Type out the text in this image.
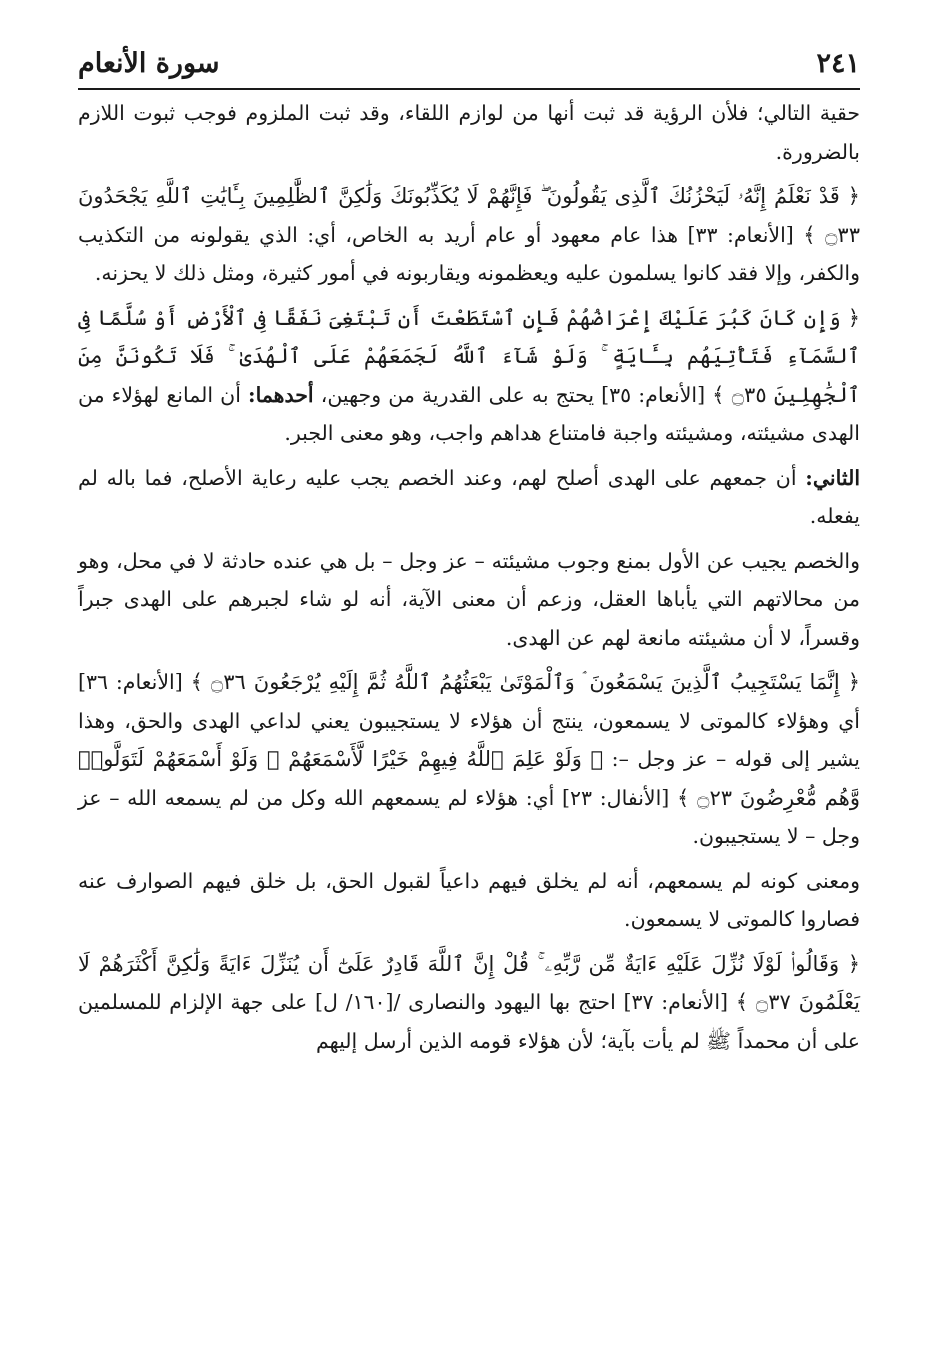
سورة الأنعام	٢٤١

حقية التالي؛ فلأن الرؤية قد ثبت أنها من لوازم اللقاء، وقد ثبت الملزوم فوجب ثبوت اللازم بالضرورة.

﴿ قَدْ نَعْلَمُ إِنَّهُۥ لَيَحْزُنُكَ ٱلَّذِى يَقُولُونَ ۖ فَإِنَّهُمْ لَا يُكَذِّبُونَكَ وَلَٰكِنَّ ٱلظَّٰلِمِينَ بِـَٔايَٰتِ ٱللَّهِ يَجْحَدُونَ ۝٣٣ ﴾ [الأنعام: ٣٣] هذا عام معهود أو عام أريد به الخاص، أي: الذي يقولونه من التكذيب والكفر، وإلا فقد كانوا يسلمون عليه ويعظمونه ويقاربونه في أمور كثيرة، ومثل ذلك لا يحزنه.

﴿ وَإِن كَانَ كَبُرَ عَلَيْكَ إِعْرَاضُهُمْ فَإِنِ ٱسْتَطَعْتَ أَن تَبْتَغِىَ نَفَقًا فِى ٱلْأَرْضِ أَوْ سُلَّمًا فِى ٱلسَّمَآءِ فَتَأْتِيَهُم بِـَٔايَةٍ ۚ وَلَوْ شَآءَ ٱللَّهُ لَجَمَعَهُمْ عَلَى ٱلْهُدَىٰ ۚ فَلَا تَكُونَنَّ مِنَ ٱلْجَٰهِلِينَ ۝٣٥ ﴾ [الأنعام: ٣٥] يحتج به على القدرية من وجهين، أحدهما: أن المانع لهؤلاء من الهدى مشيئته، ومشيئته واجبة فامتناع هداهم واجب، وهو معنى الجبر.

الثاني: أن جمعهم على الهدى أصلح لهم، وعند الخصم يجب عليه رعاية الأصلح، فما باله لم يفعله.

والخصم يجيب عن الأول بمنع وجوب مشيئته – عز وجل – بل هي عنده حادثة لا في محل، وهو من محالاتهم التي يأباها العقل، وزعم أن معنى الآية، أنه لو شاء لجبرهم على الهدى جبراً وقسراً، لا أن مشيئته مانعة لهم عن الهدى.

﴿ إِنَّمَا يَسْتَجِيبُ ٱلَّذِينَ يَسْمَعُونَ ۘ وَٱلْمَوْتَىٰ يَبْعَثُهُمُ ٱللَّهُ ثُمَّ إِلَيْهِ يُرْجَعُونَ ۝٣٦ ﴾ [الأنعام: ٣٦] أي وهؤلاء كالموتى لا يسمعون، ينتج أن هؤلاء لا يستجيبون يعني لداعي الهدى والحق، وهذا يشير إلى قوله – عز وجل –: ﴿ وَلَوْ عَلِمَ ٱللَّهُ فِيهِمْ خَيْرًا لَّأَسْمَعَهُمْ ۖ وَلَوْ أَسْمَعَهُمْ لَتَوَلَّوا۟ وَّهُم مُّعْرِضُونَ ۝٢٣ ﴾ [الأنفال: ٢٣] أي: هؤلاء لم يسمعهم الله وكل من لم يسمعه الله – عز وجل – لا يستجيبون.

ومعنى كونه لم يسمعهم، أنه لم يخلق فيهم داعياً لقبول الحق، بل خلق فيهم الصوارف عنه فصاروا كالموتى لا يسمعون.

﴿ وَقَالُوا۟ لَوْلَا نُزِّلَ عَلَيْهِ ءَايَةٌ مِّن رَّبِّهِۦ ۚ قُلْ إِنَّ ٱللَّهَ قَادِرٌ عَلَىٰٓ أَن يُنَزِّلَ ءَايَةً وَلَٰكِنَّ أَكْثَرَهُمْ لَا يَعْلَمُونَ ۝٣٧ ﴾ [الأنعام: ٣٧] احتج بها اليهود والنصارى /[١٦٠/ ل] على جهة الإلزام للمسلمين على أن محمداً ﷺ لم يأت بآية؛ لأن هؤلاء قومه الذين أرسل إليهم
